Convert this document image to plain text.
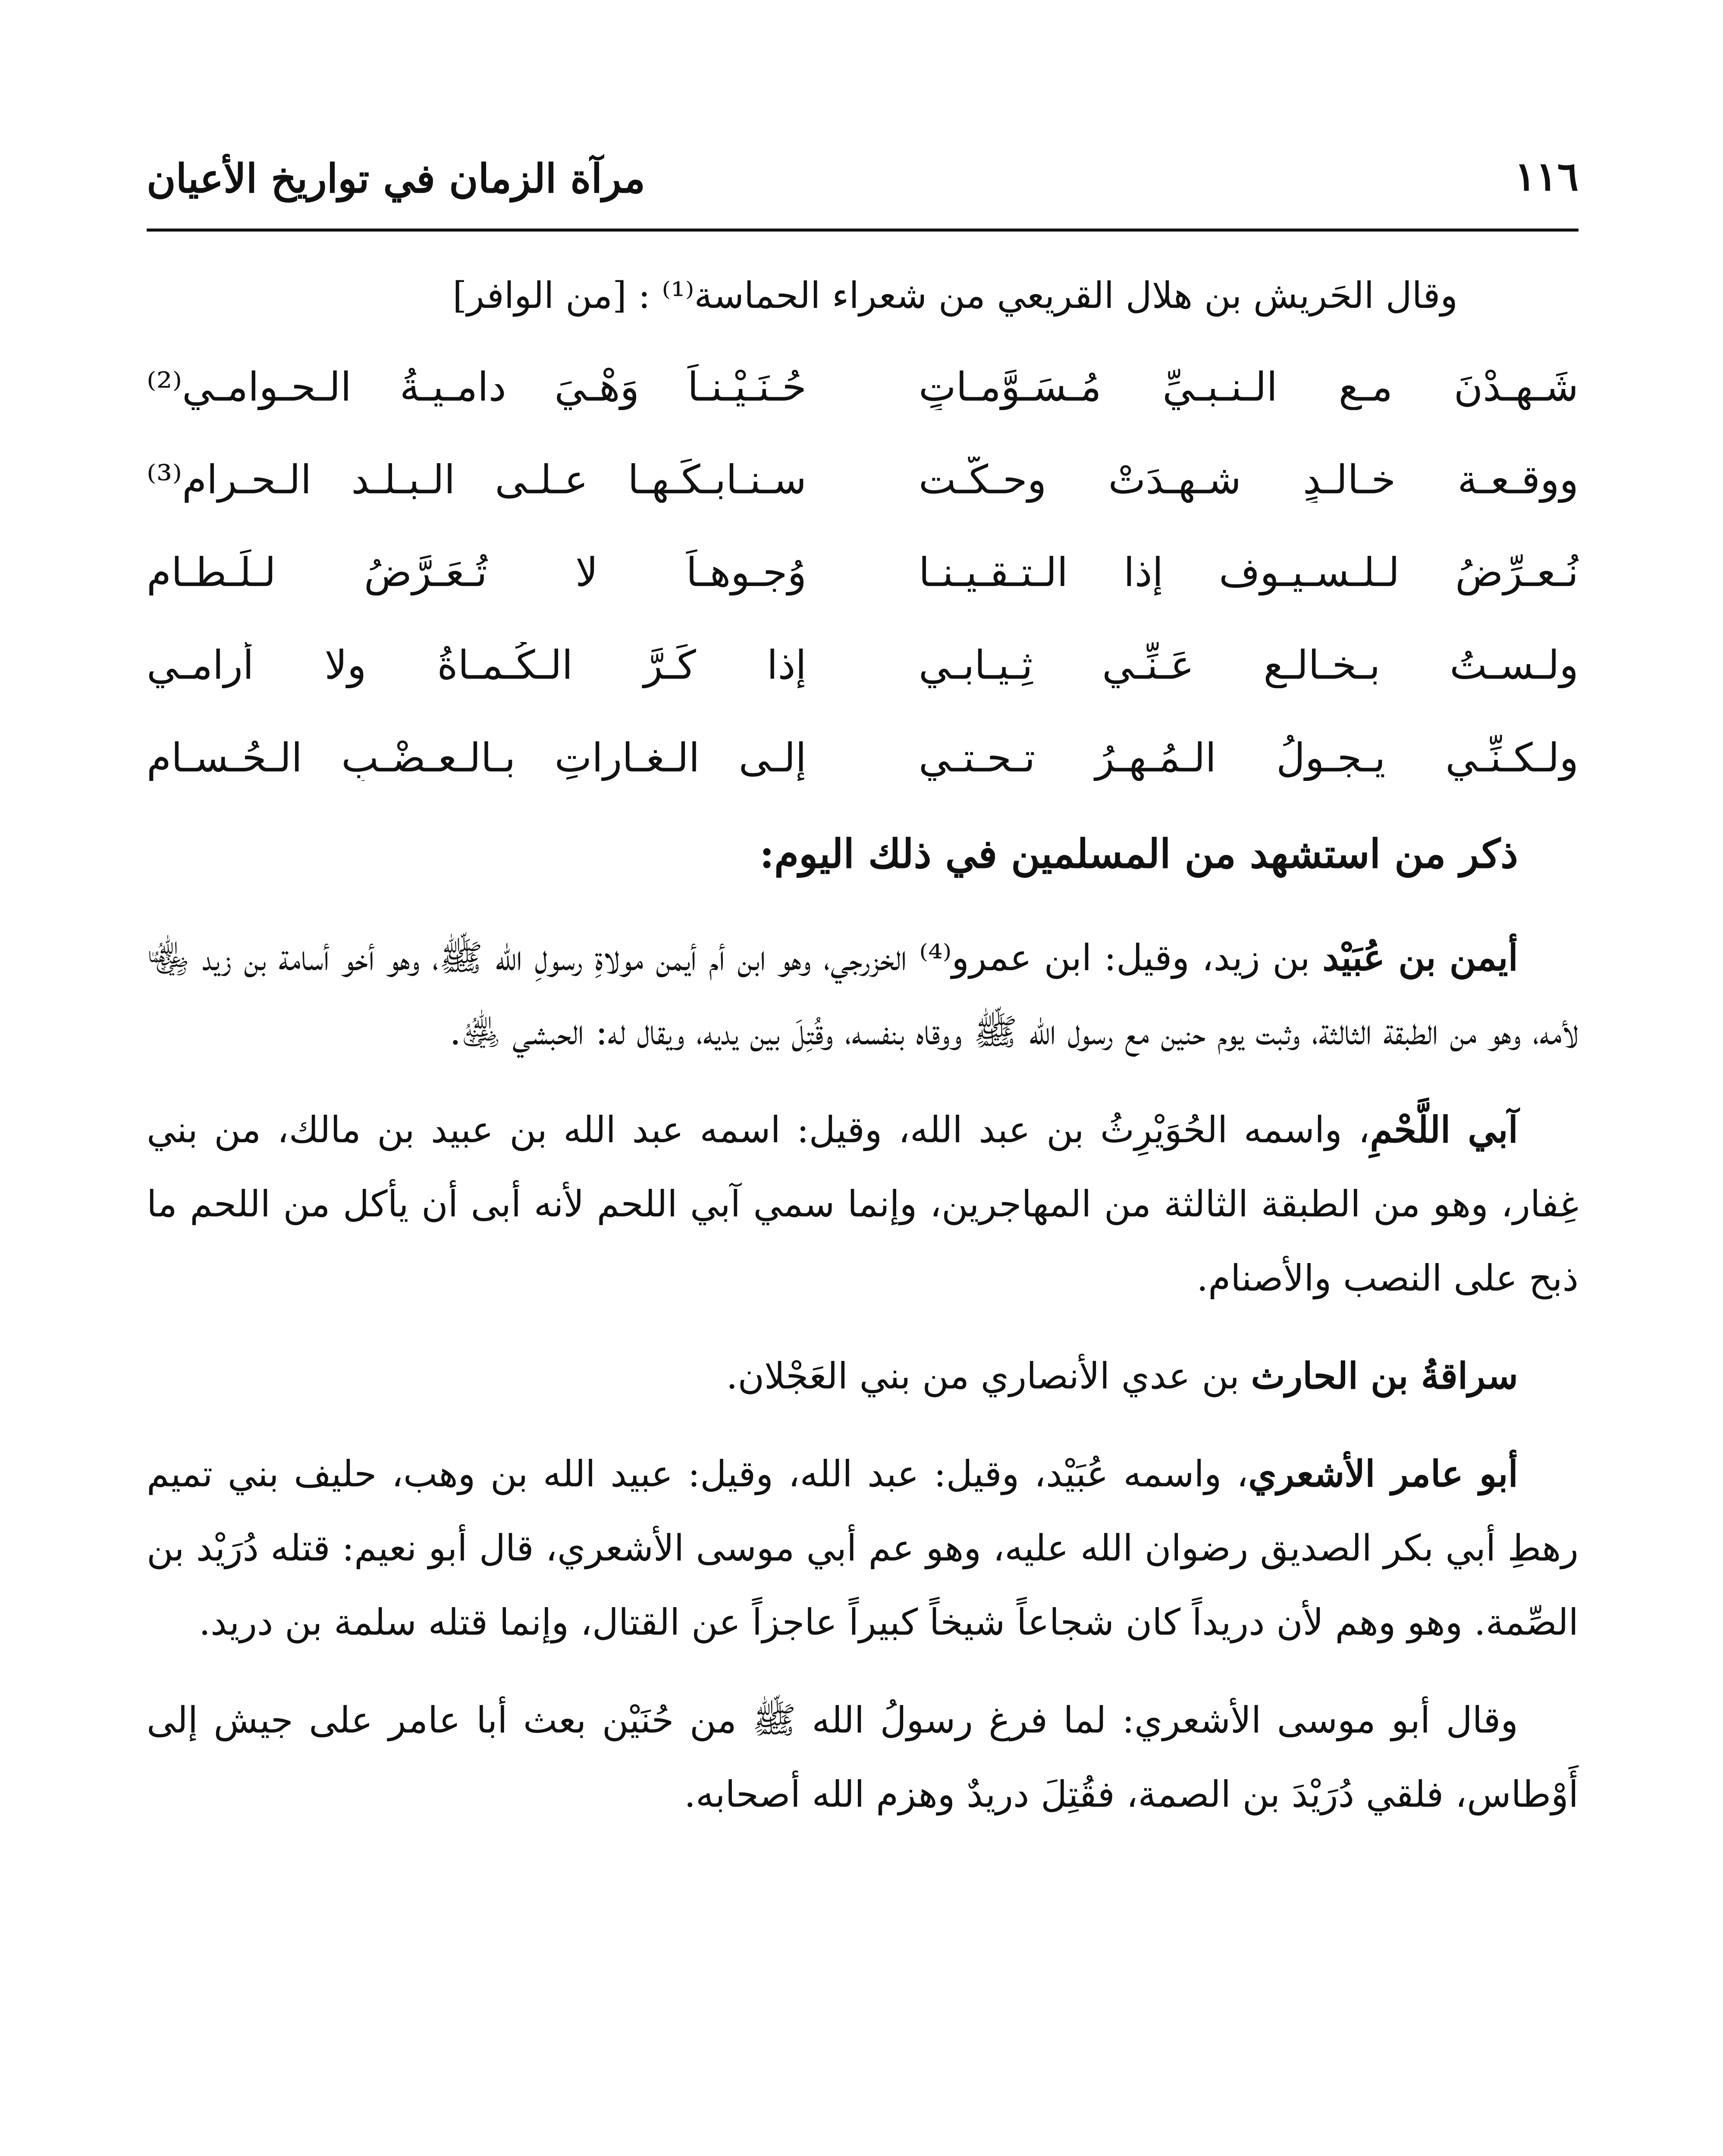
١١٦
مرآة الزمان في تواريخ الأعيان

وقال الحَريش بن هلال القريعي من شعراء الحماسة⁽¹⁾ : [من الوافر]

شَـهِـدْنَ مـع الـنـبـيِّ مُـسَـوَّمـاتٍ
حُـنَـيْـنـاً وَهْـيَ دامـيـةُ الـحـوامـي⁽²⁾
ووقـعـة خـالـدٍ شـهـدَتْ وحـكَّـت
سـنـابـكَـهـا عـلـى الـبـلـد الـحـرام⁽³⁾
نُـعـرِّضُ لـلـسـيـوف إذا الـتـقـيـنـا
وُجـوهـاً لا تُـعَـرَّضُ لـلِّـطـامِ
ولـسـتُ بـخـالـعٍ عَـنِّـي ثِـيـابـي
إذا كَـرَّ الـكُـمـاةُ ولا أُرامـي
ولـكـنِّـي يـجـولُ الـمُـهـرُ تـحـتـي
إلـى الـغـاراتِ بـالـعـضْـبِ الـحُـسـامِ
ذكر من استشهد من المسلمين في ذلك اليوم:

أيمن بن عُبَيْد بن زيد، وقيل: ابن عمرو⁽⁴⁾ الخزرجي، وهو ابن أم أيمن مولاةِ رسولِ الله ﷺ، وهو أخو أسامة بن زيد ﵄ لأمه، وهو من الطبقة الثالثة، وثبت يوم حنين مع رسول الله ﷺ ووقاه بنفسه، وقُتِلَ بين يديه، ويقال له: الحبشي ﵁.

آبي اللَّحْمِ، واسمه الحُوَيْرِثُ بن عبد الله، وقيل: اسمه عبد الله بن عبيد بن مالك، من بني غِفار، وهو من الطبقة الثالثة من المهاجرين، وإنما سمي آبي اللحم لأنه أبى أن يأكل من اللحم ما ذبح على النصب والأصنام.

سراقةُ بن الحارث بن عدي الأنصاري من بني العَجْلان.

أبو عامر الأشعري، واسمه عُبَيْد، وقيل: عبد الله، وقيل: عبيد الله بن وهب، حليف بني تميم رهطِ أبي بكر الصديق رضوان الله عليه، وهو عم أبي موسى الأشعري، قال أبو نعيم: قتله دُرَيْد بن الصِّمة. وهو وهم لأن دريداً كان شجاعاً شيخاً كبيراً عاجزاً عن القتال، وإنما قتله سلمة بن دريد.

وقال أبو موسى الأشعري: لما فرغ رسولُ الله ﷺ من حُنَيْن بعث أبا عامر على جيش إلى أَوْطاس، فلقي دُرَيْدَ بن الصمة، فقُتِلَ دريدٌ وهزم الله أصحابه.
